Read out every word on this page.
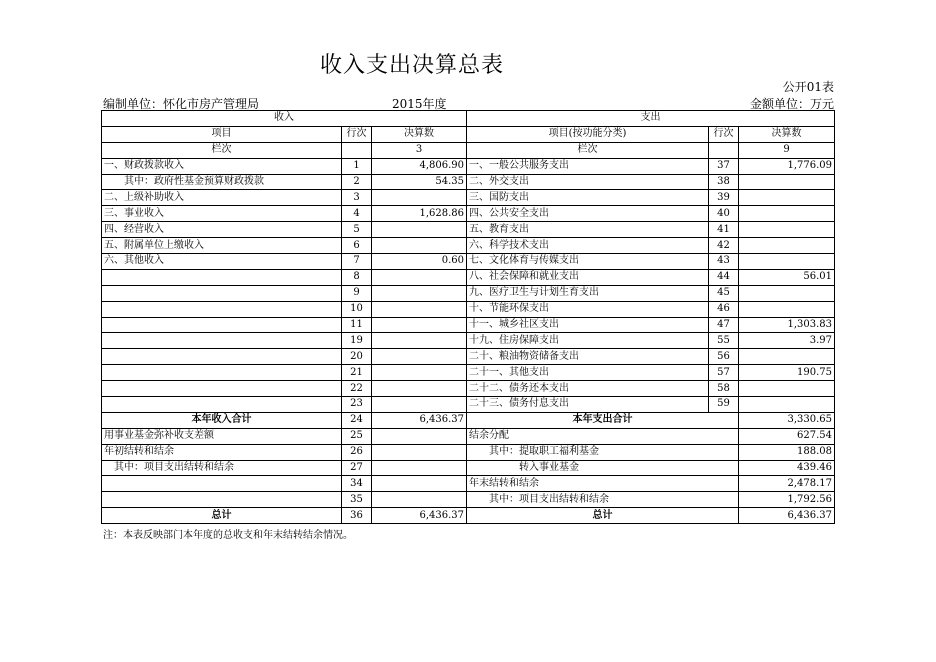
收入支出决算总表
公开01表
编制单位：怀化市房产管理局	2015年度	金额单位：万元
收入			支出		
项目	行次	决算数	项目(按功能分类)	行次	决算数
栏次		3	栏次		9
一、财政拨款收入	1	4,806.90	一、一般公共服务支出	37	1,776.09
　　其中：政府性基金预算财政拨款	2	54.35	二、外交支出	38	
二、上级补助收入	3		三、国防支出	39	
三、事业收入	4	1,628.86	四、公共安全支出	40	
四、经营收入	5		五、教育支出	41	
五、附属单位上缴收入	6		六、科学技术支出	42	
六、其他收入	7	0.60	七、文化体育与传媒支出	43	
	8		八、社会保障和就业支出	44	56.01
	9		九、医疗卫生与计划生育支出	45	
	10		十、节能环保支出	46	
	11		十一、城乡社区支出	47	1,303.83
	19		十九、住房保障支出	55	3.97
	20		二十、粮油物资储备支出	56	
	21		二十一、其他支出	57	190.75
	22		二十二、债务还本支出	58	
	23		二十三、债务付息支出	59	
本年收入合计	24	6,436.37	本年支出合计		3,330.65
用事业基金弥补收支差额	25		结余分配		627.54
年初结转和结余	26		　　其中：提取职工福利基金		188.08
　其中：项目支出结转和结余	27		　　　　　转入事业基金		439.46
	34		年末结转和结余		2,478.17
	35		　　其中：项目支出结转和结余		1,792.56
总计	36	6,436.37	总计		6,436.37
注：本表反映部门本年度的总收支和年末结转结余情况。
